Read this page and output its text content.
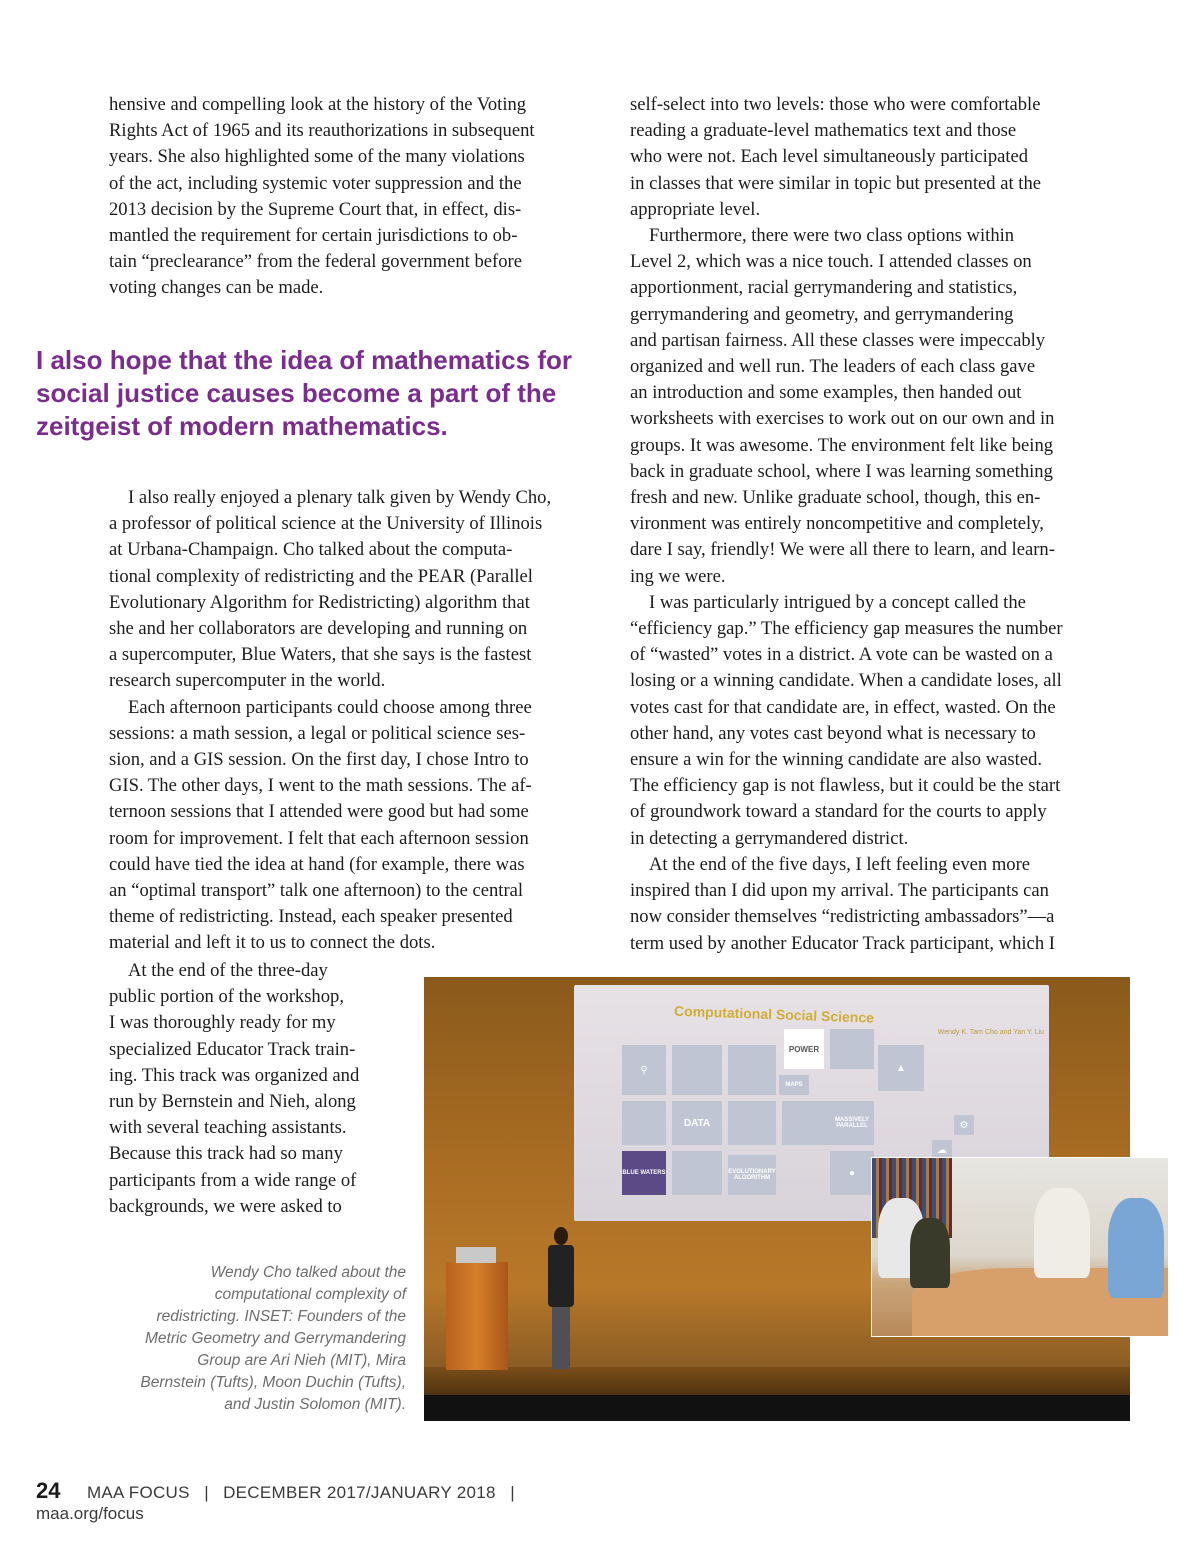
hensive and compelling look at the history of the Voting
Rights Act of 1965 and its reauthorizations in subsequent
years. She also highlighted some of the many violations
of the act, including systemic voter suppression and the
2013 decision by the Supreme Court that, in effect, dis-
mantled the requirement for certain jurisdictions to ob-
tain “preclearance” from the federal government before
voting changes can be made.
I also hope that the idea of mathematics for
social justice causes become a part of the
zeitgeist of modern mathematics.
I also really enjoyed a plenary talk given by Wendy Cho,
a professor of political science at the University of Illinois
at Urbana-Champaign. Cho talked about the computa-
tional complexity of redistricting and the PEAR (Parallel
Evolutionary Algorithm for Redistricting) algorithm that
she and her collaborators are developing and running on
a supercomputer, Blue Waters, that she says is the fastest
research supercomputer in the world.
Each afternoon participants could choose among three
sessions: a math session, a legal or political science ses-
sion, and a GIS session. On the first day, I chose Intro to
GIS. The other days, I went to the math sessions. The af-
ternoon sessions that I attended were good but had some
room for improvement. I felt that each afternoon session
could have tied the idea at hand (for example, there was
an “optimal transport” talk one afternoon) to the central
theme of redistricting. Instead, each speaker presented
material and left it to us to connect the dots.
At the end of the three-day
public portion of the workshop,
I was thoroughly ready for my
specialized Educator Track train-
ing. This track was organized and
run by Bernstein and Nieh, along
with several teaching assistants.
Because this track had so many
participants from a wide range of
backgrounds, we were asked to
self-select into two levels: those who were comfortable
reading a graduate-level mathematics text and those
who were not. Each level simultaneously participated
in classes that were similar in topic but presented at the
appropriate level.
Furthermore, there were two class options within
Level 2, which was a nice touch. I attended classes on
apportionment, racial gerrymandering and statistics,
gerrymandering and geometry, and gerrymandering
and partisan fairness. All these classes were impeccably
organized and well run. The leaders of each class gave
an introduction and some examples, then handed out
worksheets with exercises to work out on our own and in
groups. It was awesome. The environment felt like being
back in graduate school, where I was learning something
fresh and new. Unlike graduate school, though, this en-
vironment was entirely noncompetitive and completely,
dare I say, friendly! We were all there to learn, and learn-
ing we were.
I was particularly intrigued by a concept called the
“efficiency gap.” The efficiency gap measures the number
of “wasted” votes in a district. A vote can be wasted on a
losing or a winning candidate. When a candidate loses, all
votes cast for that candidate are, in effect, wasted. On the
other hand, any votes cast beyond what is necessary to
ensure a win for the winning candidate are also wasted.
The efficiency gap is not flawless, but it could be the start
of groundwork toward a standard for the courts to apply
in detecting a gerrymandered district.
At the end of the five days, I left feeling even more
inspired than I did upon my arrival. The participants can
now consider themselves “redistricting ambassadors”—a
term used by another Educator Track participant, which I
Computational Social Science
Wendy K. Tam Cho and Yan Y. Liu
⚲
MAPS
POWER
▲
DATA	MASSIVELY PARALLEL	⚙
☁
BLUE WATERS	EVOLUTIONARY ALGORITHM	●
Wendy Cho talked about the
computational complexity of
redistricting. INSET: Founders of the
Metric Geometry and Gerrymandering
Group are Ari Nieh (MIT), Mira
Bernstein (Tufts), Moon Duchin (Tufts),
and Justin Solomon (MIT).
24 MAA FOCUS | DECEMBER 2017/JANUARY 2018 | maa.org/focus
